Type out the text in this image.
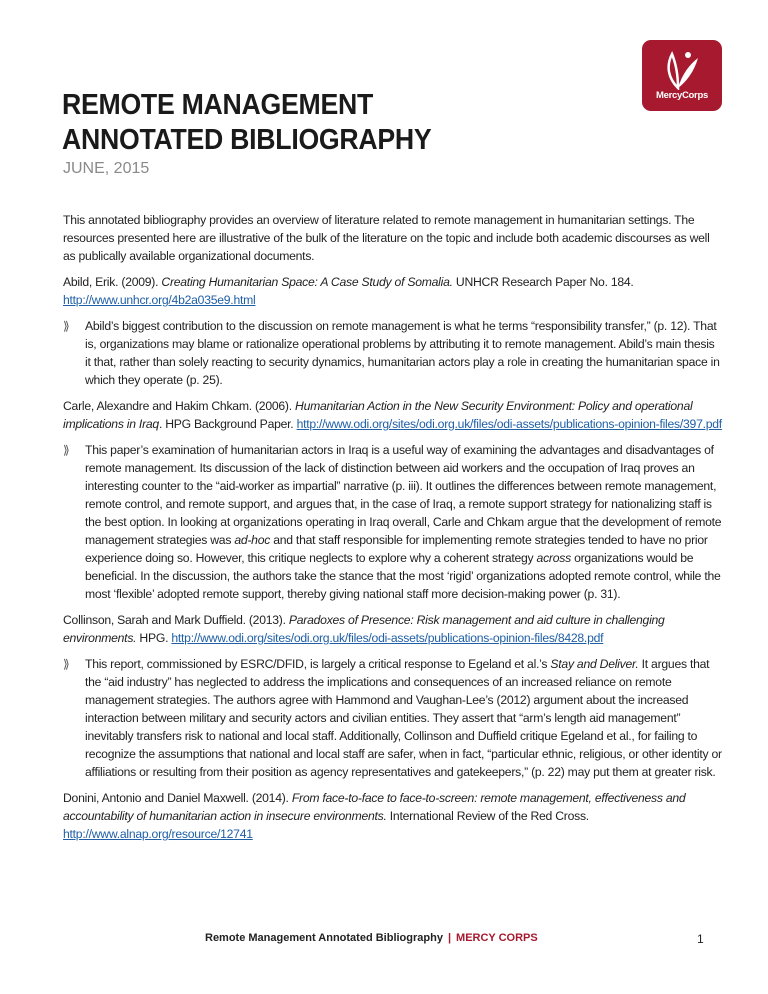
MercyCorps
REMOTE MANAGEMENT
ANNOTATED BIBLIOGRAPHY
JUNE, 2015

This annotated bibliography provides an overview of literature related to remote management in humanitarian settings. The resources presented here are illustrative of the bulk of the literature on the topic and include both academic discourses as well as publically available organizational documents.

Abild, Erik. (2009). Creating Humanitarian Space: A Case Study of Somalia. UNHCR Research Paper No. 184. http://www.unhcr.org/4b2a035e9.html

⟫ Abild’s biggest contribution to the discussion on remote management is what he terms “responsibility transfer,” (p. 12). That is, organizations may blame or rationalize operational problems by attributing it to remote management. Abild’s main thesis it that, rather than solely reacting to security dynamics, humanitarian actors play a role in creating the humanitarian space in which they operate (p. 25).

Carle, Alexandre and Hakim Chkam. (2006). Humanitarian Action in the New Security Environment: Policy and operational implications in Iraq. HPG Background Paper. http://www.odi.org/sites/odi.org.uk/files/odi-assets/publications-opinion-files/397.pdf

⟫ This paper’s examination of humanitarian actors in Iraq is a useful way of examining the advantages and disadvantages of remote management. Its discussion of the lack of distinction between aid workers and the occupation of Iraq proves an interesting counter to the “aid-worker as impartial” narrative (p. iii). It outlines the differences between remote management, remote control, and remote support, and argues that, in the case of Iraq, a remote support strategy for nationalizing staff is the best option. In looking at organizations operating in Iraq overall, Carle and Chkam argue that the development of remote management strategies was ad-hoc and that staff responsible for implementing remote strategies tended to have no prior experience doing so. However, this critique neglects to explore why a coherent strategy across organizations would be beneficial. In the discussion, the authors take the stance that the most ‘rigid’ organizations adopted remote control, while the most ‘flexible’ adopted remote support, thereby giving national staff more decision-making power (p. 31).

Collinson, Sarah and Mark Duffield. (2013). Paradoxes of Presence: Risk management and aid culture in challenging environments. HPG. http://www.odi.org/sites/odi.org.uk/files/odi-assets/publications-opinion-files/8428.pdf

⟫ This report, commissioned by ESRC/DFID, is largely a critical response to Egeland et al.’s Stay and Deliver. It argues that the “aid industry” has neglected to address the implications and consequences of an increased reliance on remote management strategies. The authors agree with Hammond and Vaughan-Lee’s (2012) argument about the increased interaction between military and security actors and civilian entities. They assert that “arm’s length aid management” inevitably transfers risk to national and local staff. Additionally, Collinson and Duffield critique Egeland et al., for failing to recognize the assumptions that national and local staff are safer, when in fact, “particular ethnic, religious, or other identity or affiliations or resulting from their position as agency representatives and gatekeepers,” (p. 22) may put them at greater risk.

Donini, Antonio and Daniel Maxwell. (2014). From face-to-face to face-to-screen: remote management, effectiveness and accountability of humanitarian action in insecure environments. International Review of the Red Cross. http://www.alnap.org/resource/12741

Remote Management Annotated Bibliography | MERCY CORPS	1
